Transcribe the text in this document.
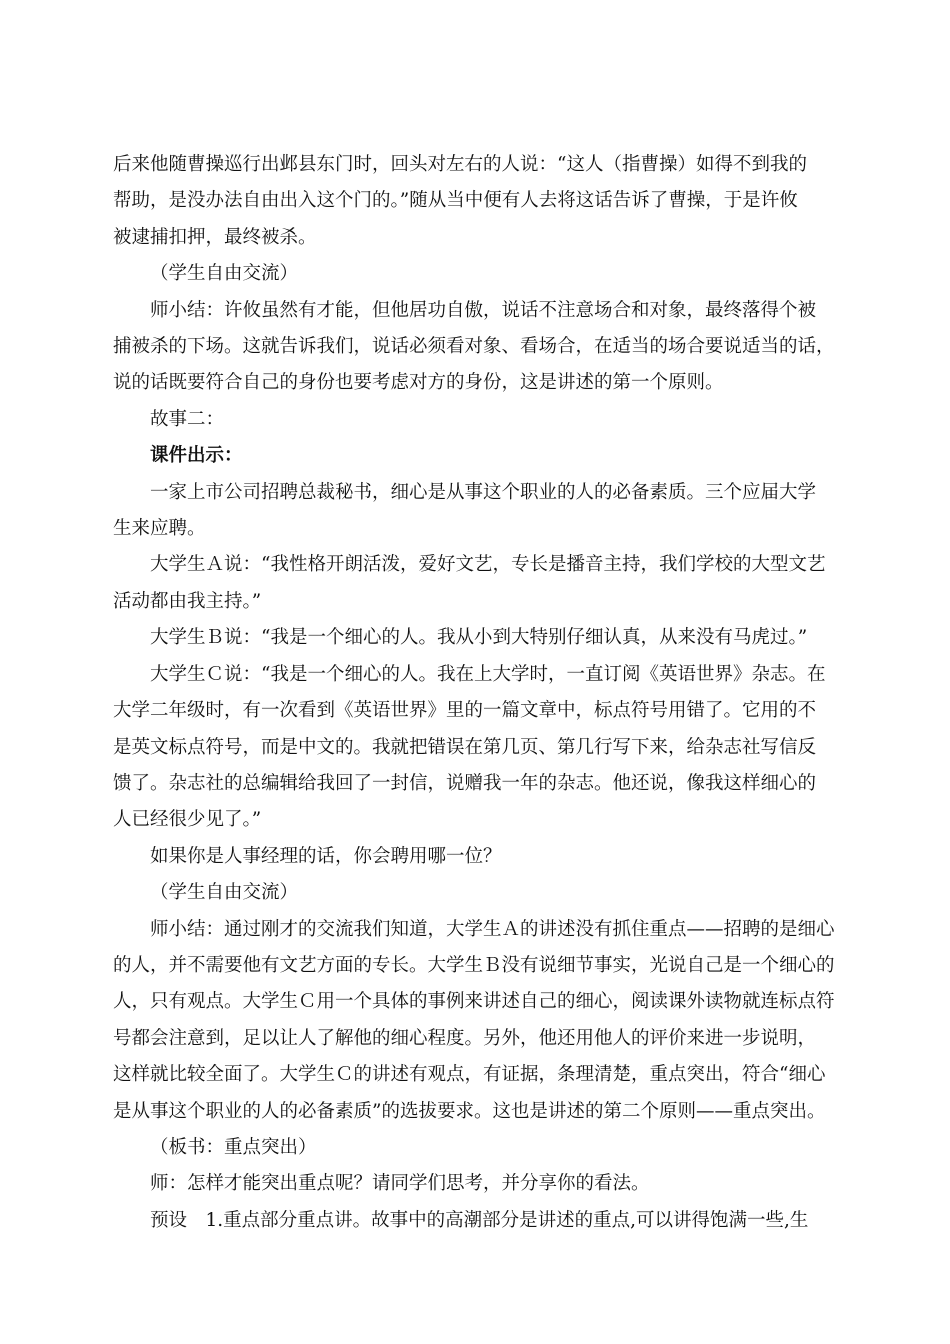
后来他随曹操巡行出邺县东门时，回头对左右的人说：“这人（指曹操）如得不到我的
帮助，是没办法自由出入这个门的。”随从当中便有人去将这话告诉了曹操，于是许攸
被逮捕扣押，最终被杀。

（学生自由交流）

师小结：许攸虽然有才能，但他居功自傲，说话不注意场合和对象，最终落得个被
捕被杀的下场。这就告诉我们，说话必须看对象、看场合，在适当的场合要说适当的话，
说的话既要符合自己的身份也要考虑对方的身份，这是讲述的第一个原则。

故事二：

课件出示：

一家上市公司招聘总裁秘书，细心是从事这个职业的人的必备素质。三个应届大学
生来应聘。

大学生Ａ说：“我性格开朗活泼，爱好文艺，专长是播音主持，我们学校的大型文艺
活动都由我主持。”

大学生Ｂ说：“我是一个细心的人。我从小到大特别仔细认真，从来没有马虎过。”

大学生Ｃ说：“我是一个细心的人。我在上大学时，一直订阅《英语世界》杂志。在
大学二年级时，有一次看到《英语世界》里的一篇文章中，标点符号用错了。它用的不
是英文标点符号，而是中文的。我就把错误在第几页、第几行写下来，给杂志社写信反
馈了。杂志社的总编辑给我回了一封信，说赠我一年的杂志。他还说，像我这样细心的
人已经很少见了。”

如果你是人事经理的话，你会聘用哪一位？

（学生自由交流）

师小结：通过刚才的交流我们知道，大学生Ａ的讲述没有抓住重点——招聘的是细心
的人，并不需要他有文艺方面的专长。大学生Ｂ没有说细节事实，光说自己是一个细心的
人，只有观点。大学生Ｃ用一个具体的事例来讲述自己的细心，阅读课外读物就连标点符
号都会注意到，足以让人了解他的细心程度。另外，他还用他人的评价来进一步说明，
这样就比较全面了。大学生Ｃ的讲述有观点，有证据，条理清楚，重点突出，符合“细心
是从事这个职业的人的必备素质”的选拔要求。这也是讲述的第二个原则——重点突出。

（板书：重点突出）

师：怎样才能突出重点呢？请同学们思考，并分享你的看法。

预设　1.重点部分重点讲。故事中的高潮部分是讲述的重点,可以讲得饱满一些,生
